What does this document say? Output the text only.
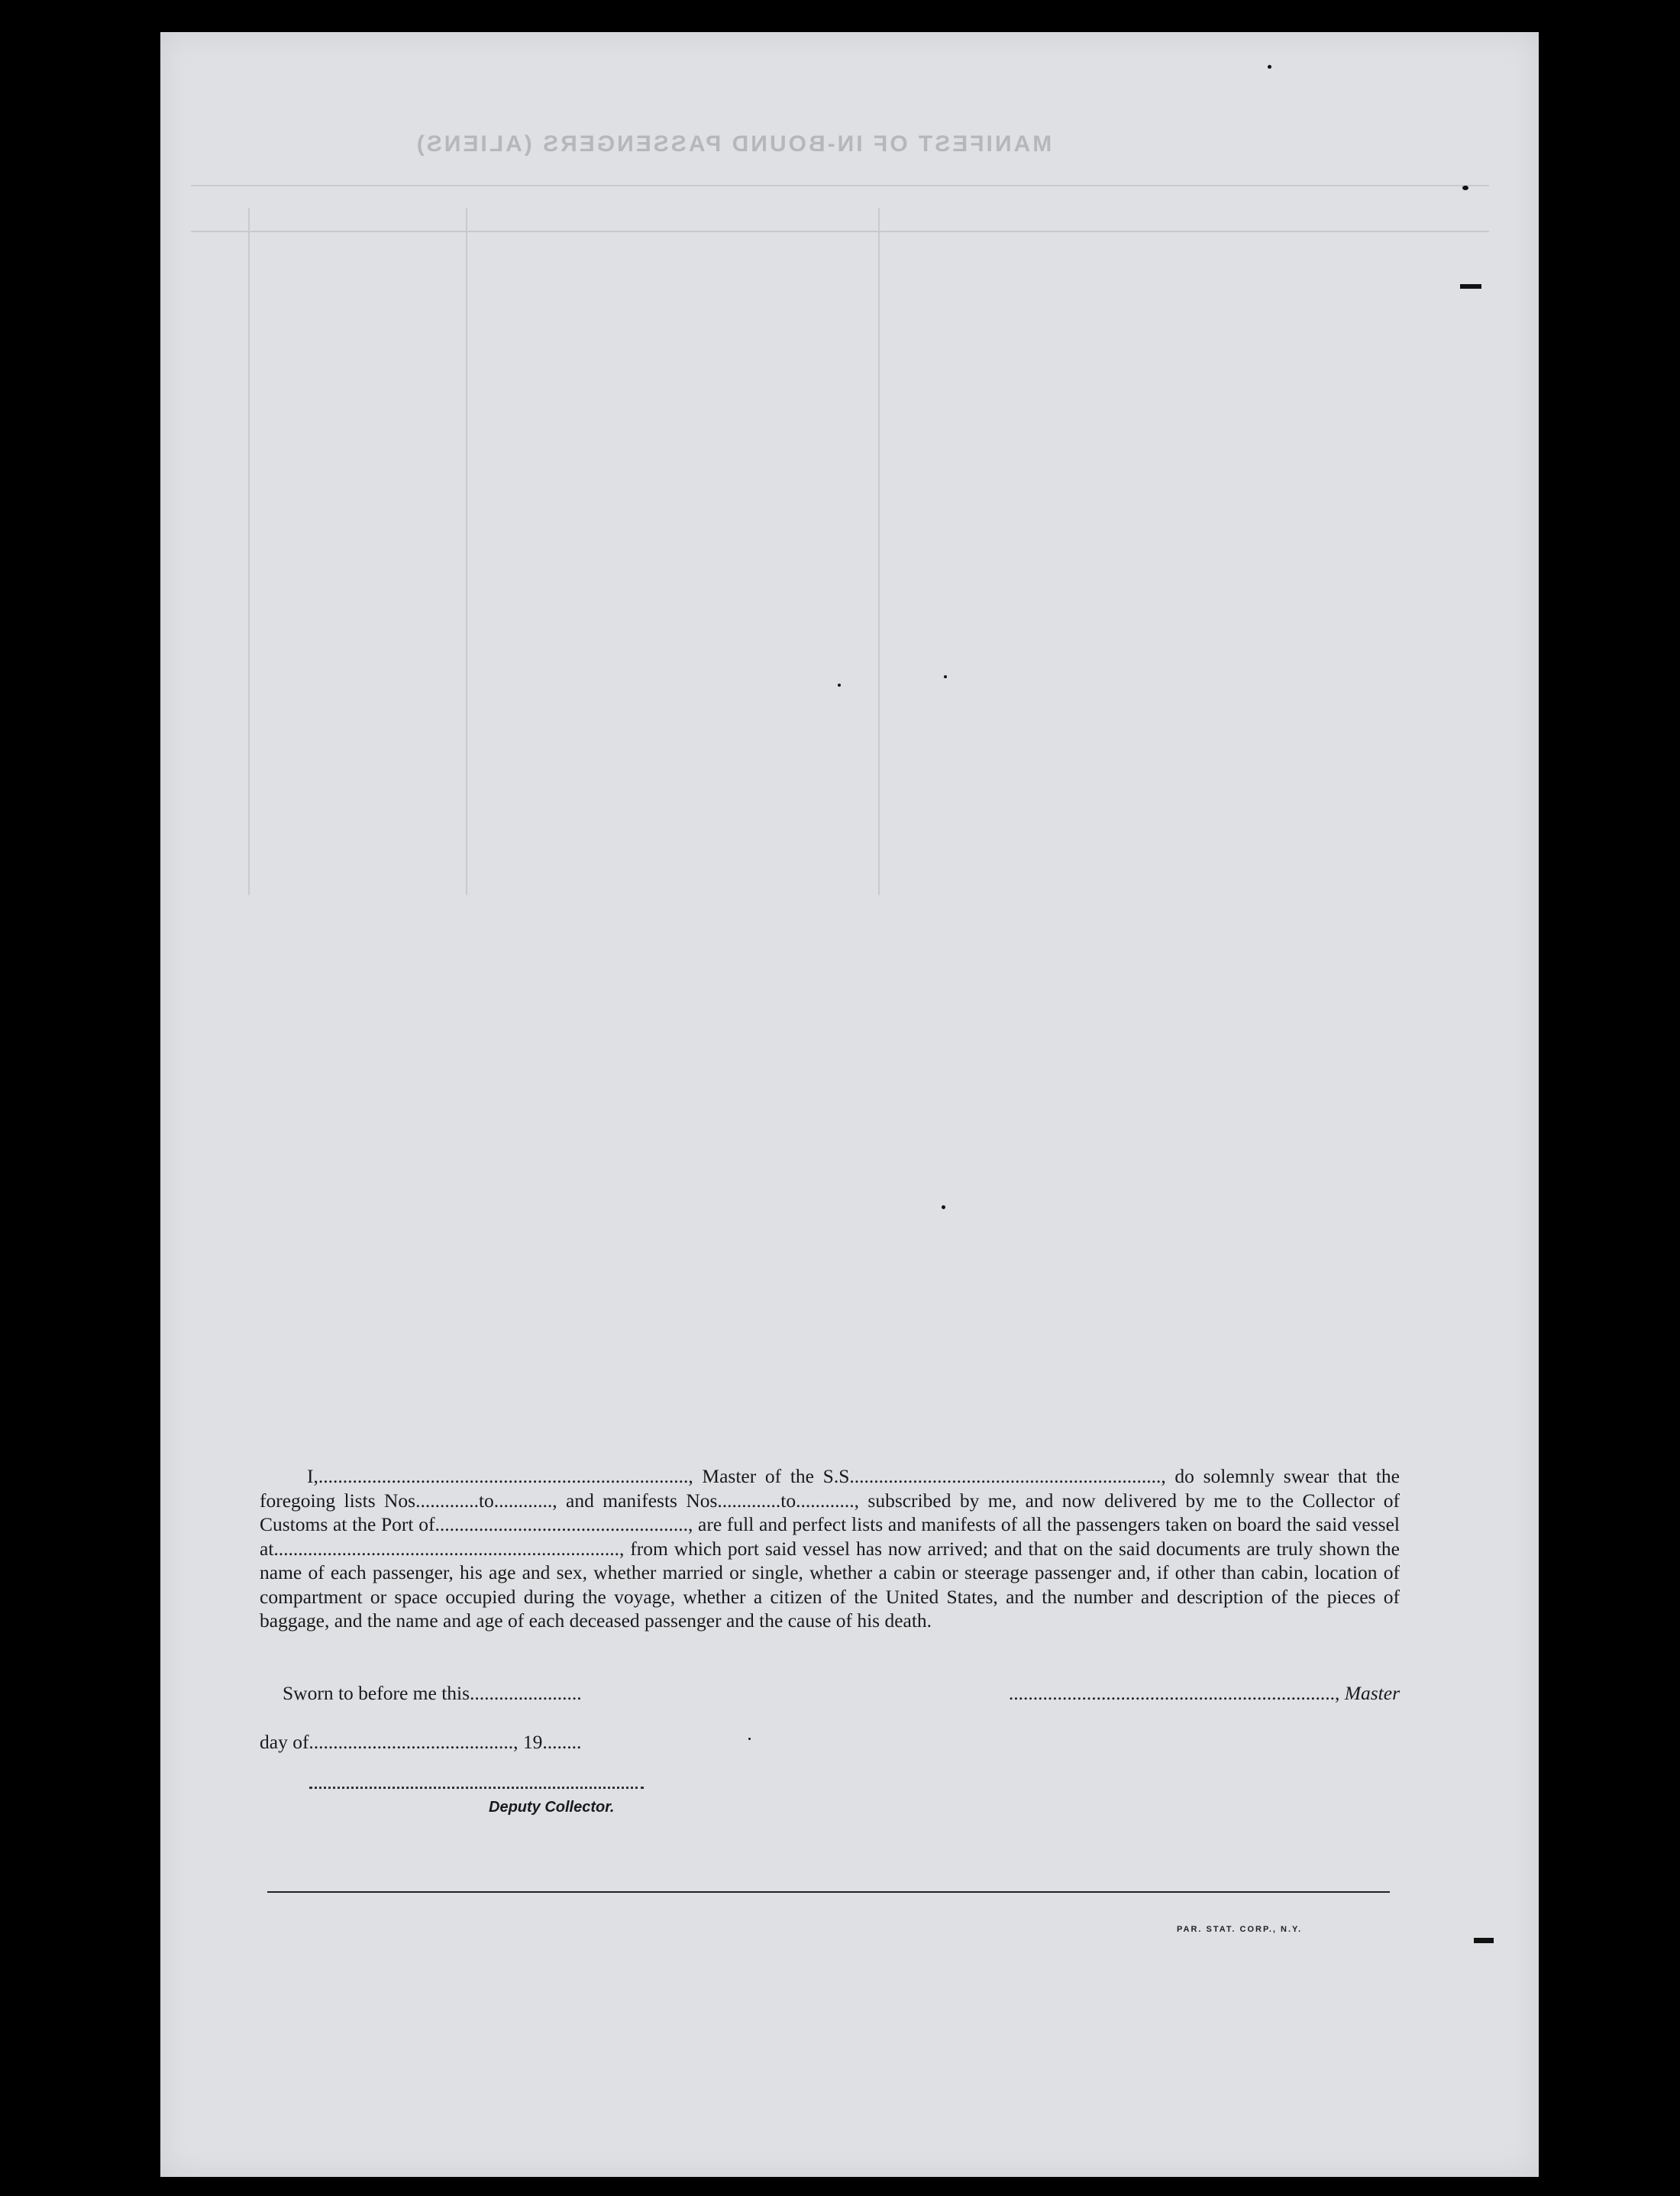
MANIFEST OF IN-BOUND PASSENGERS (ALIENS)
I,............................................................................, Master of the S.S................................................................, do solemnly swear that the foregoing lists Nos.............to............, and manifests Nos.............to............, subscribed by me, and now delivered by me to the Collector of Customs at the Port of...................................................., are full and perfect lists and manifests of all the passengers taken on board the said vessel at......................................................................., from which port said vessel has now arrived; and that on the said documents are truly shown the name of each passenger, his age and sex, whether married or single, whether a cabin or steerage passenger and, if other than cabin, location of compartment or space occupied during the voyage, whether a citizen of the United States, and the number and description of the pieces of baggage, and the name and age of each deceased passenger and the cause of his death.
Sworn to before me this.......................	..................................................................., Master
day of.........................................., 19........
Deputy Collector.
PAR. STAT. CORP., N.Y.
